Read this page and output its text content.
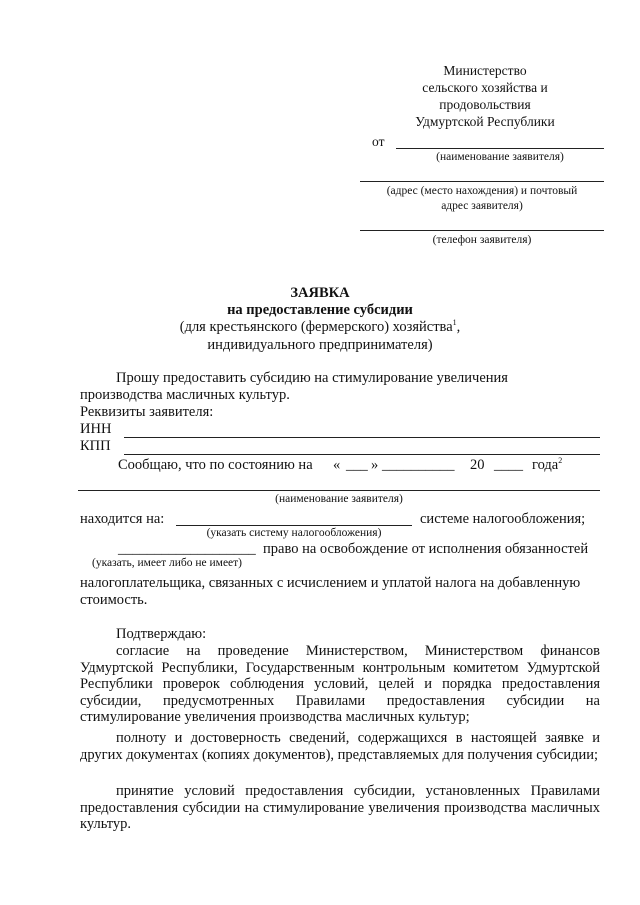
Министерство
сельского хозяйства и
продовольствия
Удмуртской Республики
от
(наименование заявителя)
(адрес (место нахождения) и почтовый
адрес заявителя)
(телефон заявителя)
ЗАЯВКА
на предоставление субсидии
(для крестьянского (фермерского) хозяйства$^1$,
индивидуального предпринимателя)
Прошу предоставить субсидию на стимулирование увеличения
производства масличных культур.
Реквизиты заявителя:
ИНН
КПП
Сообщаю, что по состоянию на « ___ » __________ 20 ____ года$^2$
(наименование заявителя)
находится на:	системе налогообложения;
(указать систему налогообложения)
___________________ право на освобождение от исполнения обязанностей
(указать, имеет либо не имеет)
налогоплательщика, связанных с исчислением и уплатой налога на добавленную
стоимость.
Подтверждаю:
согласие на проведение Министерством, Министерством финансов Удмуртской Республики, Государственным контрольным комитетом Удмуртской Республики проверок соблюдения условий, целей и порядка предоставления субсидии, предусмотренных Правилами предоставления субсидии на стимулирование увеличения производства масличных культур;
полноту и достоверность сведений, содержащихся в настоящей заявке и других документах (копиях документов), представляемых для получения субсидии;
принятие условий предоставления субсидии, установленных Правилами предоставления субсидии на стимулирование увеличения производства масличных культур.
